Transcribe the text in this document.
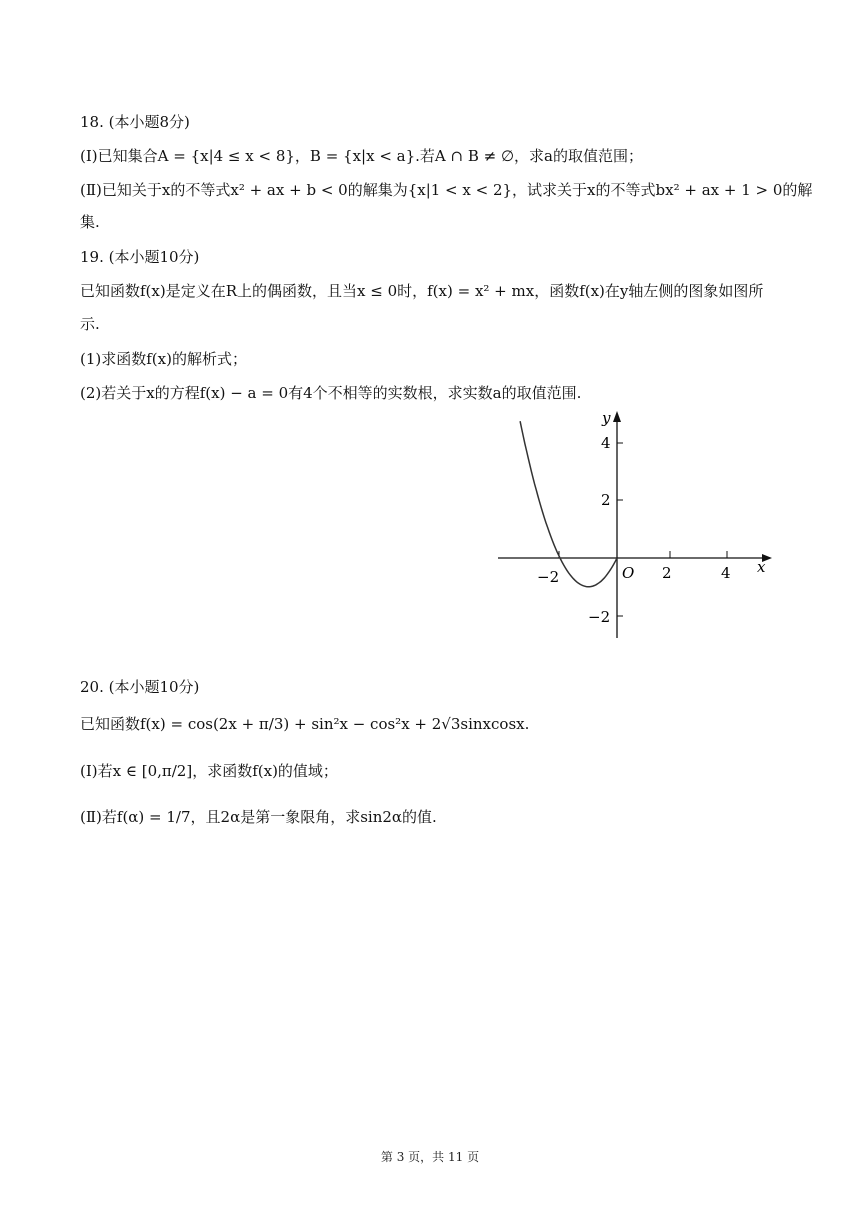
18. (本小题8分)
(Ⅰ)已知集合A = {x|4 ≤ x < 8}，B = {x|x < a}.若A ∩ B ≠ ∅，求a的取值范围；
(Ⅱ)已知关于x的不等式x² + ax + b < 0的解集为{x|1 < x < 2}，试求关于x的不等式bx² + ax + 1 > 0的解
集.
19. (本小题10分)
已知函数f(x)是定义在R上的偶函数，且当x ≤ 0时，f(x) = x² + mx，函数f(x)在y轴左侧的图象如图所
示.
(1)求函数f(x)的解析式；
(2)若关于x的方程f(x) − a = 0有4个不相等的实数根，求实数a的取值范围.
y
x
O
−2	2	4
4
2
−2
20. (本小题10分)
已知函数f(x) = cos(2x + π/3) + sin²x − cos²x + 2√3sinxcosx.
(Ⅰ)若x ∈ [0,π/2]，求函数f(x)的值域；
(Ⅱ)若f(α) = 1/7，且2α是第一象限角，求sin2α的值.
第 3 页，共 11 页
